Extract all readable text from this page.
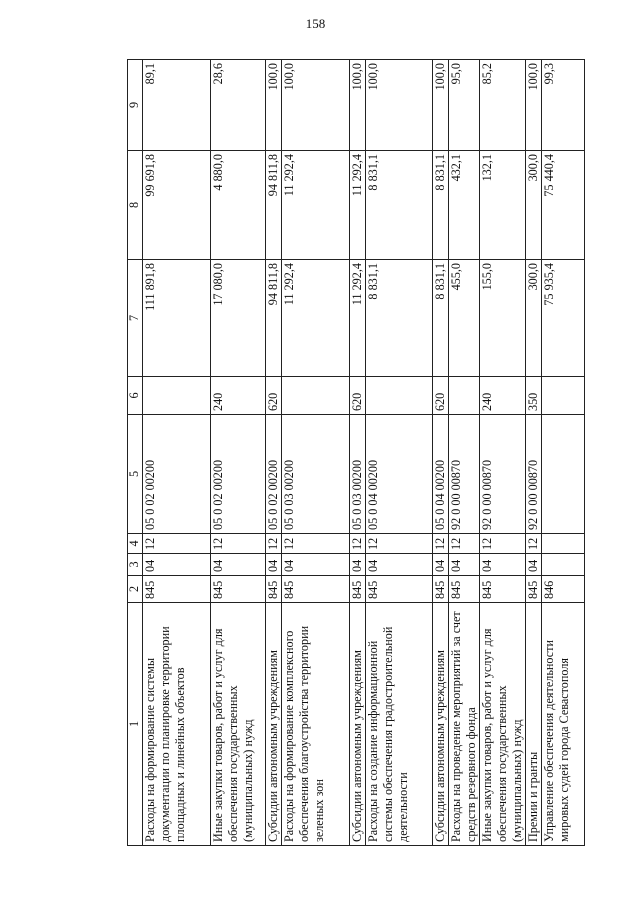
158
1	2	3	4	5	6	7	8	9
Расходы на формирование системы документации по планировке территории площадных и линейных объектов	845	04	12	05 0 02 00200		111 891,8	99 691,8	89,1
Иные закупки товаров, работ и услуг для обеспечения государственных (муниципальных) нужд	845	04	12	05 0 02 00200	240	17 080,0	4 880,0	28,6
Субсидии автономным учреждениям	845	04	12	05 0 02 00200	620	94 811,8	94 811,8	100,0
Расходы на формирование комплексного обеспечения благоустройства территории зеленых зон	845	04	12	05 0 03 00200		11 292,4	11 292,4	100,0
Субсидии автономным учреждениям	845	04	12	05 0 03 00200	620	11 292,4	11 292,4	100,0
Расходы на создание информационной системы обеспечения градостроительной деятельности	845	04	12	05 0 04 00200		8 831,1	8 831,1	100,0
Субсидии автономным учреждениям	845	04	12	05 0 04 00200	620	8 831,1	8 831,1	100,0
Расходы на проведение мероприятий за счет средств резервного фонда	845	04	12	92 0 00 00870		455,0	432,1	95,0
Иные закупки товаров, работ и услуг для обеспечения государственных (муниципальных) нужд	845	04	12	92 0 00 00870	240	155,0	132,1	85,2
Премии и гранты	845	04	12	92 0 00 00870	350	300,0	300,0	100,0
Управление обеспечения деятельности мировых судей города Севастополя	846					75 935,4	75 440,4	99,3
